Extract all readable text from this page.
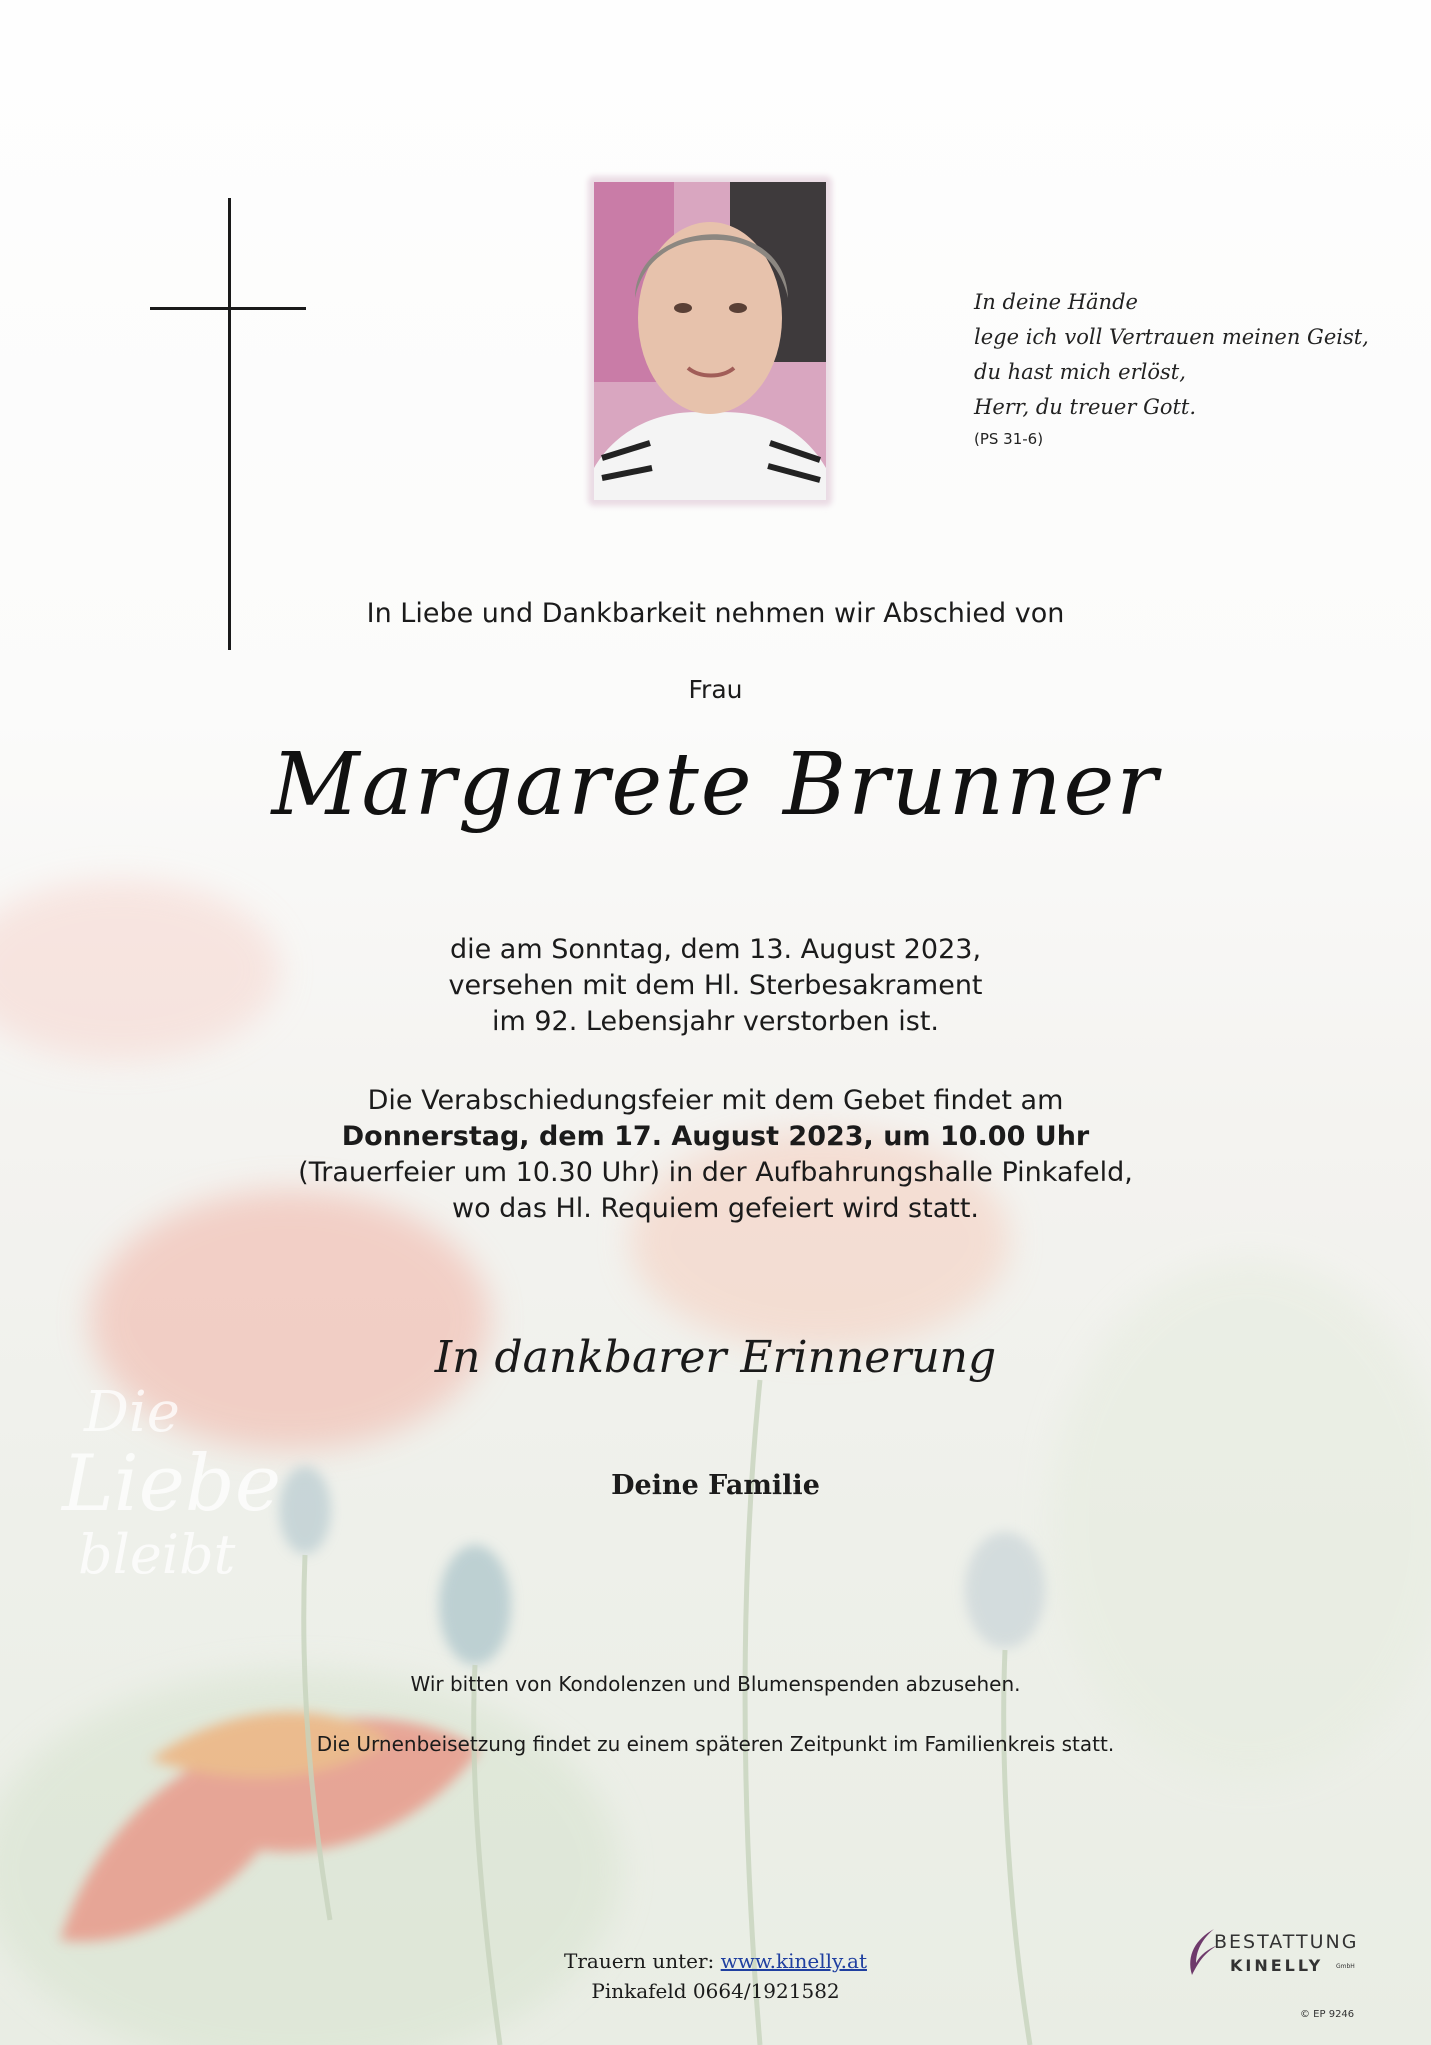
Die
Liebe
bleibt
In deine Hände
lege ich voll Vertrauen meinen Geist,
du hast mich erlöst,
Herr, du treuer Gott.
(PS 31-6)
In Liebe und Dankbarkeit nehmen wir Abschied von
Frau
Margarete Brunner
die am Sonntag, dem 13. August 2023,
versehen mit dem Hl. Sterbesakrament
im 92. Lebensjahr verstorben ist.
Die Verabschiedungsfeier mit dem Gebet findet am
Donnerstag, dem 17. August 2023, um 10.00 Uhr
(Trauerfeier um 10.30 Uhr) in der Aufbahrungshalle Pinkafeld,
wo das Hl. Requiem gefeiert wird statt.
In dankbarer Erinnerung
Deine Familie
Wir bitten von Kondolenzen und Blumenspenden abzusehen.
Die Urnenbeisetzung findet zu einem späteren Zeitpunkt im Familienkreis statt.
Trauern unter: www.kinelly.at
Pinkafeld 0664/1921582
BESTATTUNG
KINELLY GmbH
© EP 9246
